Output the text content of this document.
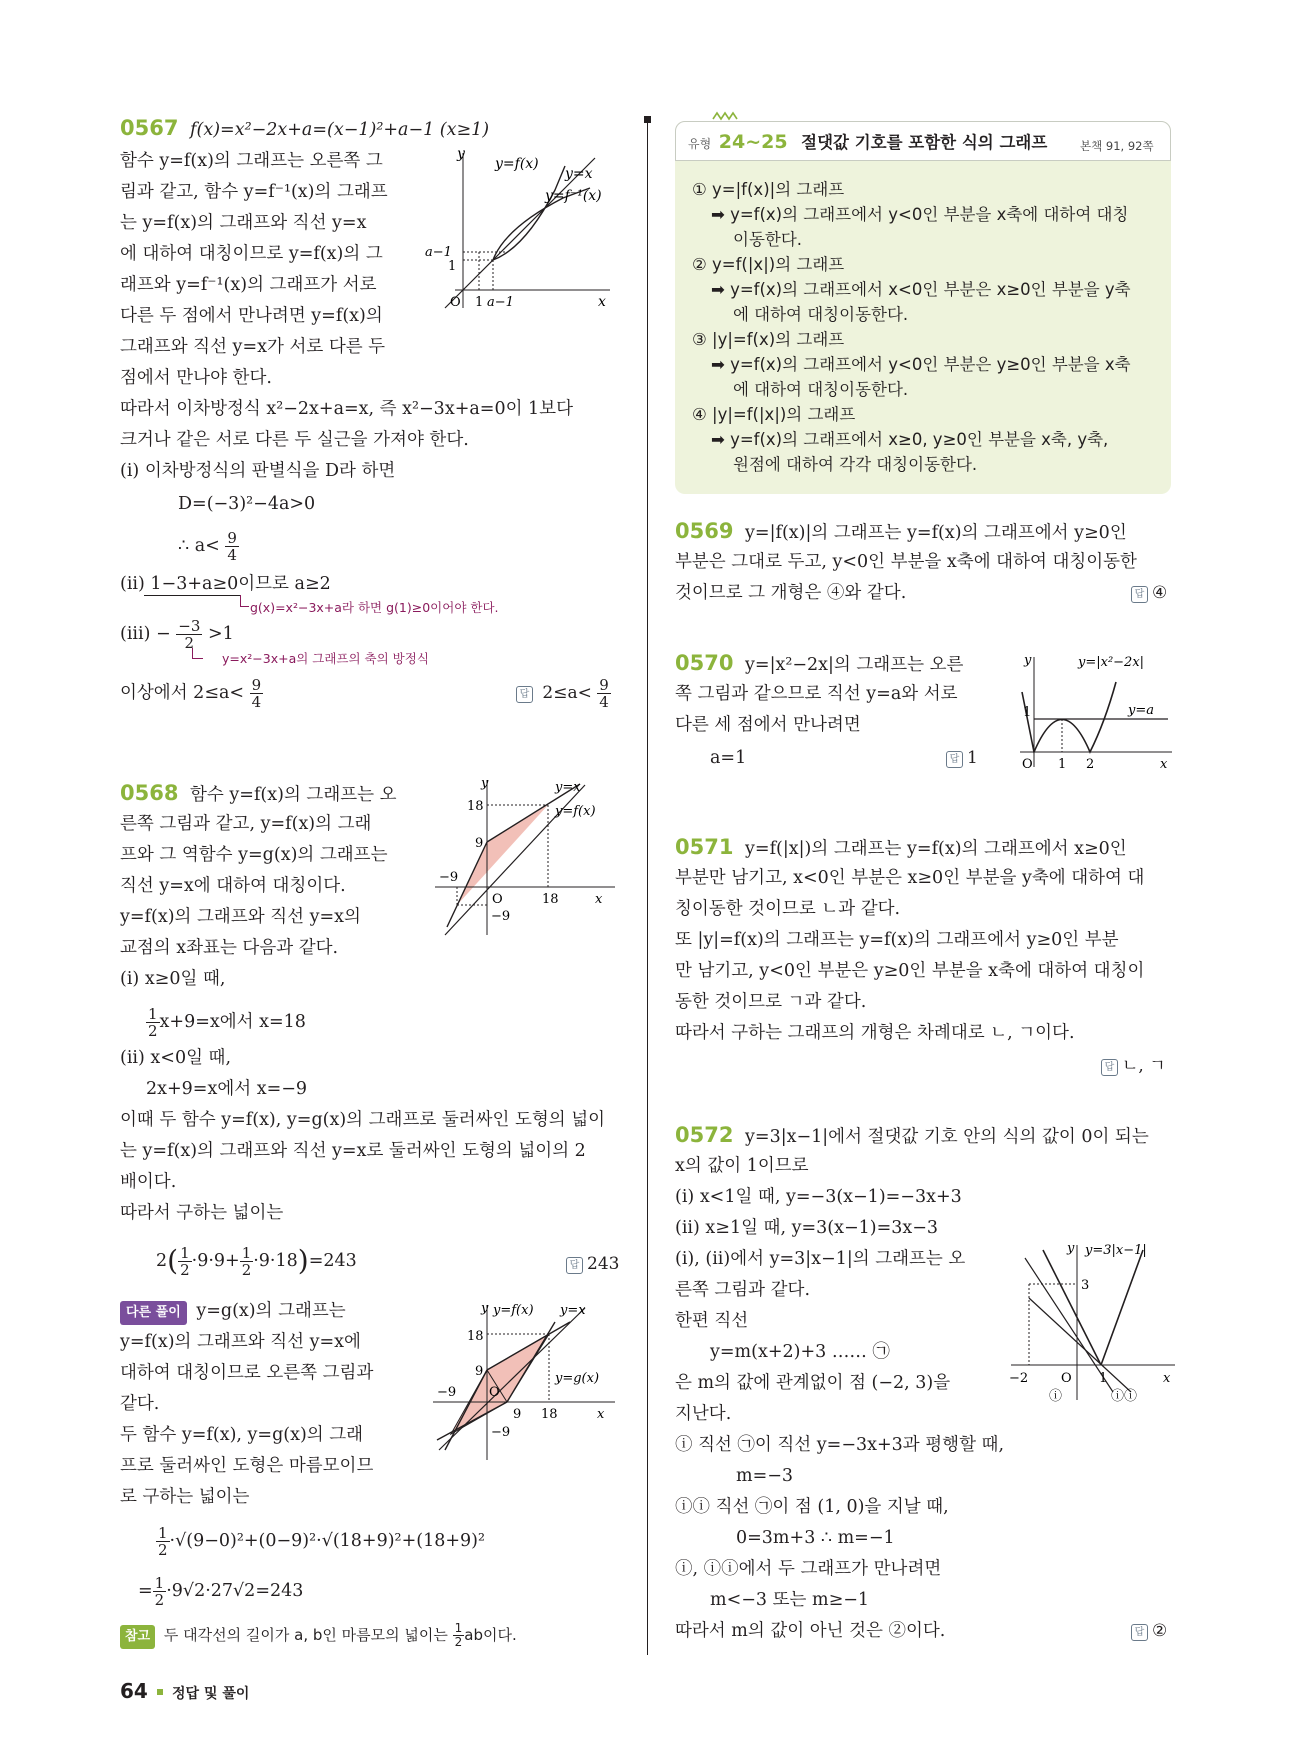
0567 f(x)=x²−2x+a=(x−1)²+a−1 (x≥1)
함수 y=f(x)의 그래프는 오른쪽 그
림과 같고, 함수 y=f⁻¹(x)의 그래프
는 y=f(x)의 그래프와 직선 y=x
에 대하여 대칭이므로 y=f(x)의 그
래프와 y=f⁻¹(x)의 그래프가 서로
다른 두 점에서 만나려면 y=f(x)의
그래프와 직선 y=x가 서로 다른 두
점에서 만나야 한다.
따라서 이차방정식 x²−2x+a=x, 즉 x²−3x+a=0이 1보다
크거나 같은 서로 다른 두 실근을 가져야 한다.
(i) 이차방정식의 판별식을 D라 하면
D=(−3)²−4a>0
∴ $a< \frac{9}{4}$
(ii) 1−3+a≥0이므로 a≥2
g(x)=x²−3x+a라 하면 g(1)≥0이어야 한다.
$(iii) - \frac{-3}{2} >1$
y=x²−3x+a의 그래프의 축의 방정식
이상에서 $2\le a< \frac{9}{4}$	답 $2\le a< \frac{9}{4}$
y
y=f(x)
y=x
y=f⁻¹(x)
a−1
1
O 1 a−1	x
0568 함수 y=f(x)의 그래프는 오
른쪽 그림과 같고, y=f(x)의 그래
프와 그 역함수 y=g(x)의 그래프는
직선 y=x에 대하여 대칭이다.
y=f(x)의 그래프와 직선 y=x의
교점의 x좌표는 다음과 같다.
(i) x≥0일 때,
$\frac{1}{2} x+9=x$에서 x=18
(ii) x<0일 때,
2x+9=x에서 x=−9
이때 두 함수 y=f(x), y=g(x)의 그래프로 둘러싸인 도형의 넓이
는 y=f(x)의 그래프와 직선 y=x로 둘러싸인 도형의 넓이의 2
배이다.
따라서 구하는 넓이는
$2( \frac{1}{2} \cdot 9\cdot 9+ \frac{1}{2} \cdot 9\cdot 18)=243$	답 243
y	y=x
y=f(x)
18
9
−9
O	18	x
−9
다른 풀이 y=g(x)의 그래프는
y=f(x)의 그래프와 직선 y=x에
대하여 대칭이므로 오른쪽 그림과
같다.
두 함수 y=f(x), y=g(x)의 그래
프로 둘러싸인 도형은 마름모이므
로 구하는 넓이는
$\frac{1}{2} \cdot√(9-0)^2+(0-9)^2\cdot√(18+9)^2+(18+9)^2$
= $\frac{1}{2} \cdot 9√2\cdot 27√2=243$
참고 두 대각선의 길이가 a, b인 마름모의 넓이는 $\frac{1}{2}$ ab이다.
y y=f(x) y=x
y=g(x)
18
9
−9	O
9 18	x
−9
64 정답 및 풀이
유형 24~25 절댓값 기호를 포함한 식의 그래프	본책 91, 92쪽
① y=|f(x)|의 그래프
➡ y=f(x)의 그래프에서 y<0인 부분을 x축에 대하여 대칭
이동한다.
② y=f(|x|)의 그래프
➡ y=f(x)의 그래프에서 x<0인 부분은 x≥0인 부분을 y축
에 대하여 대칭이동한다.
③ |y|=f(x)의 그래프
➡ y=f(x)의 그래프에서 y<0인 부분은 y≥0인 부분을 x축
에 대하여 대칭이동한다.
④ |y|=f(|x|)의 그래프
➡ y=f(x)의 그래프에서 x≥0, y≥0인 부분을 x축, y축,
원점에 대하여 각각 대칭이동한다.
0569 y=|f(x)|의 그래프는 y=f(x)의 그래프에서 y≥0인
부분은 그대로 두고, y<0인 부분을 x축에 대하여 대칭이동한
것이므로 그 개형은 ④와 같다.	답 ④
0570 y=|x²−2x|의 그래프는 오른
쪽 그림과 같으므로 직선 y=a와 서로
다른 세 점에서 만나려면
a=1	답 1
y	y=|x²−2x|
y=a
1
O 1 2	x
0571 y=f(|x|)의 그래프는 y=f(x)의 그래프에서 x≥0인
부분만 남기고, x<0인 부분은 x≥0인 부분을 y축에 대하여 대
칭이동한 것이므로 ㄴ과 같다.
또 |y|=f(x)의 그래프는 y=f(x)의 그래프에서 y≥0인 부분
만 남기고, y<0인 부분은 y≥0인 부분을 x축에 대하여 대칭이
동한 것이므로 ㄱ과 같다.
따라서 구하는 그래프의 개형은 차례대로 ㄴ, ㄱ이다.
답 ㄴ, ㄱ
0572 y=3|x−1|에서 절댓값 기호 안의 식의 값이 0이 되는
x의 값이 1이므로
(i) x<1일 때, y=−3(x−1)=−3x+3
(ii) x≥1일 때, y=3(x−1)=3x−3
(i), (ii)에서 y=3|x−1|의 그래프는 오
른쪽 그림과 같다.
한편 직선
y=m(x+2)+3 …… ㉠
은 m의 값에 관계없이 점 (−2, 3)을
지난다.
ⓘ 직선 ㉠이 직선 y=−3x+3과 평행할 때,
m=−3
ⓘⓘ 직선 ㉠이 점 (1, 0)을 지날 때,
0=3m+3 ∴ m=−1
ⓘ, ⓘⓘ에서 두 그래프가 만나려면
m<−3 또는 m≥−1
따라서 m의 값이 아닌 것은 ②이다.	답 ②
y y=3|x−1|
3
−2	O 1	x
ⓘ	ⓘⓘ
